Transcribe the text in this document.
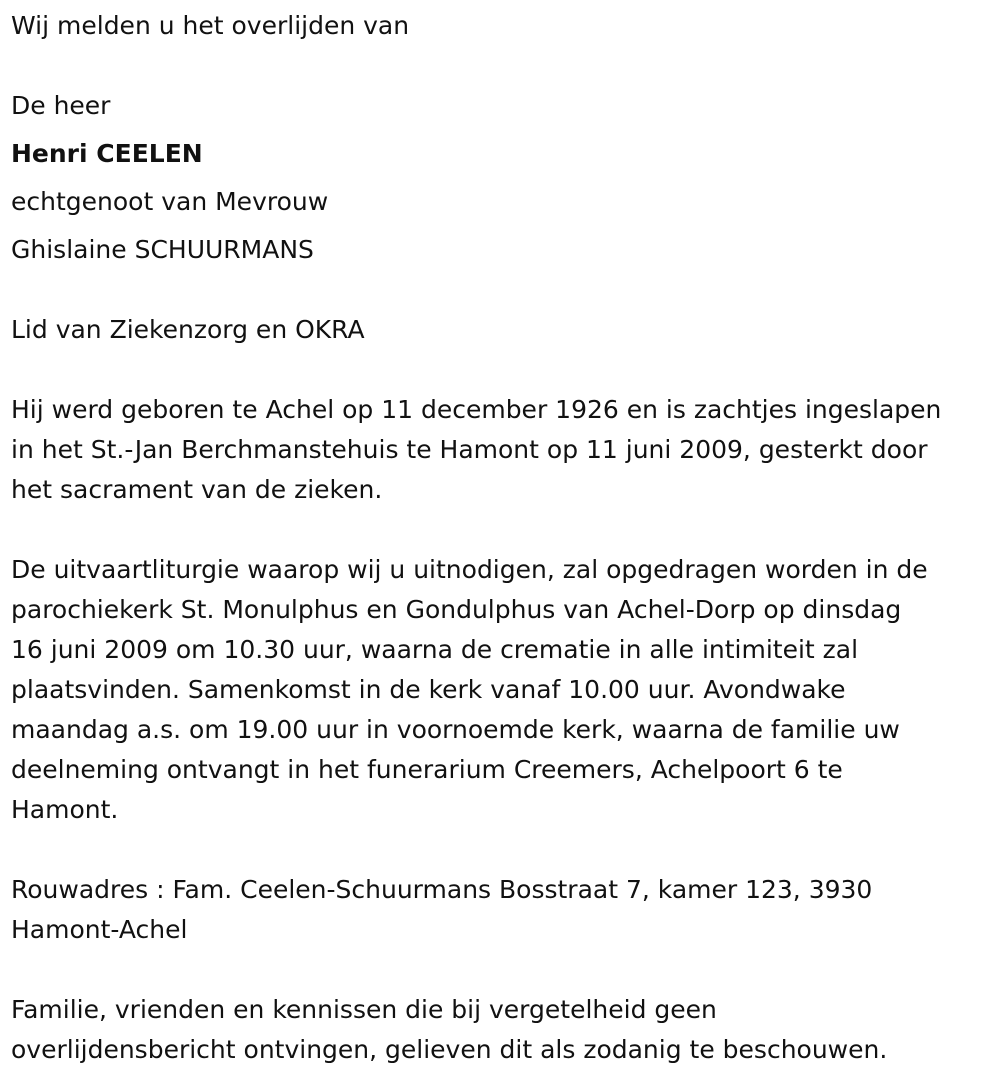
Wij melden u het overlijden van
De heer
Henri CEELEN
echtgenoot van Mevrouw
Ghislaine SCHUURMANS
Lid van Ziekenzorg en OKRA
Hij werd geboren te Achel op 11 december 1926 en is zachtjes ingeslapen
in het St.-Jan Berchmanstehuis te Hamont op 11 juni 2009, gesterkt door
het sacrament van de zieken.
De uitvaartliturgie waarop wij u uitnodigen, zal opgedragen worden in de
parochiekerk St. Monulphus en Gondulphus van Achel-Dorp op dinsdag
16 juni 2009 om 10.30 uur, waarna de crematie in alle intimiteit zal
plaatsvinden. Samenkomst in de kerk vanaf 10.00 uur. Avondwake
maandag a.s. om 19.00 uur in voornoemde kerk, waarna de familie uw
deelneming ontvangt in het funerarium Creemers, Achelpoort 6 te
Hamont.
Rouwadres : Fam. Ceelen-Schuurmans Bosstraat 7, kamer 123, 3930
Hamont-Achel
Familie, vrienden en kennissen die bij vergetelheid geen
overlijdensbericht ontvingen, gelieven dit als zodanig te beschouwen.
